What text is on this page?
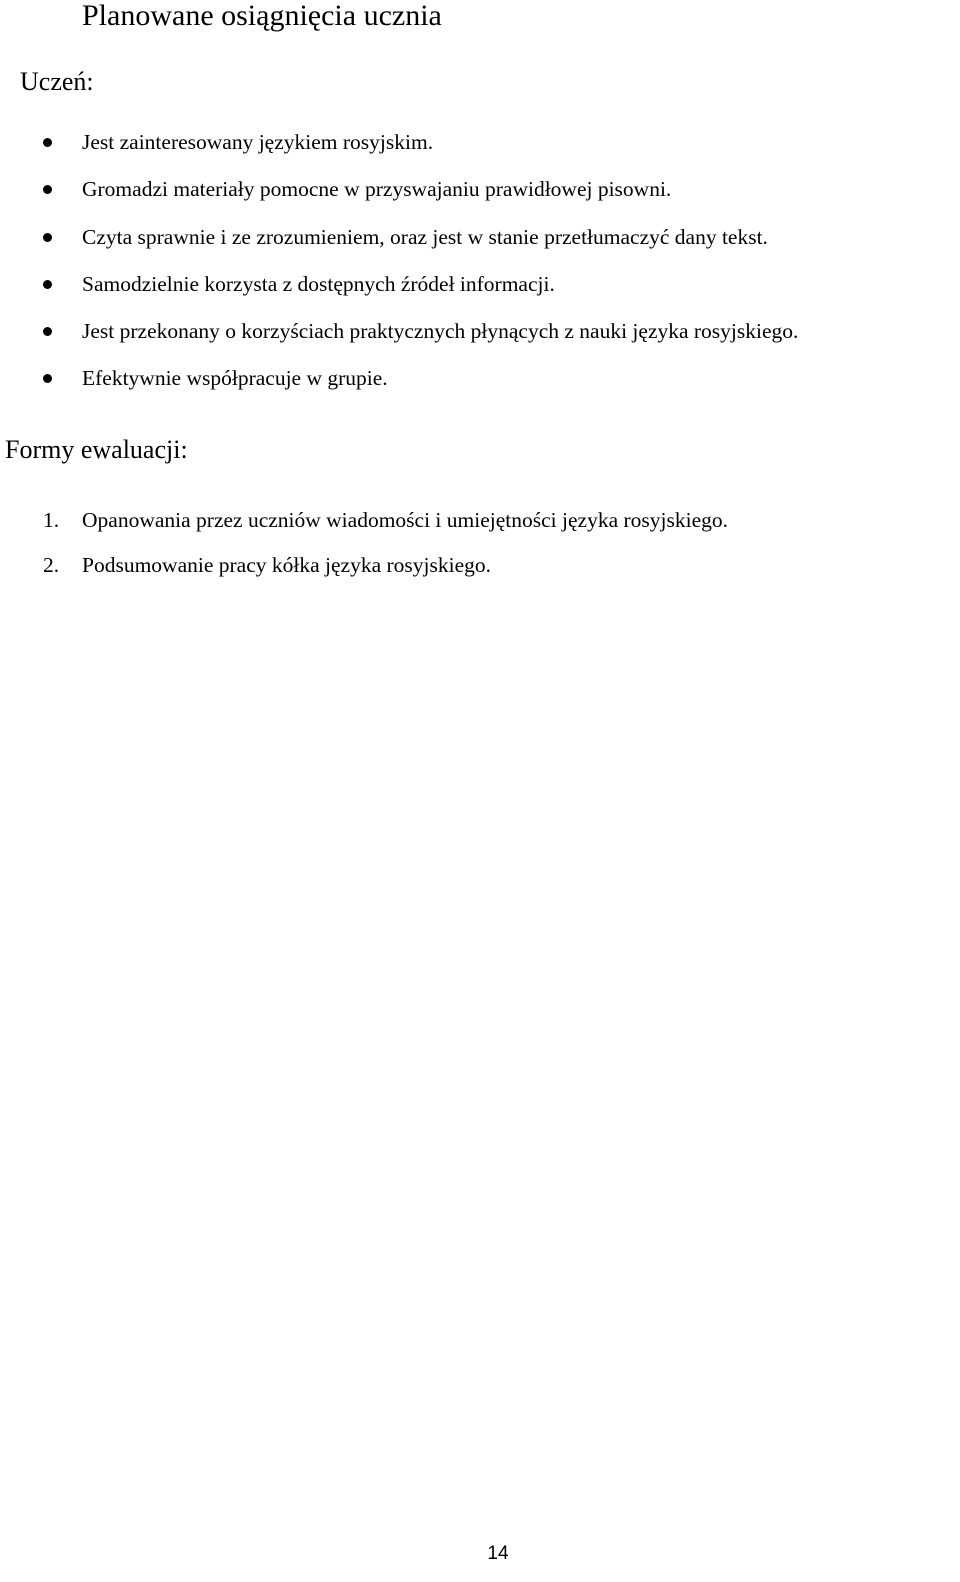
Planowane osiągnięcia ucznia
Uczeń:
Jest zainteresowany językiem rosyjskim.
Gromadzi materiały pomocne w przyswajaniu prawidłowej pisowni.
Czyta sprawnie i ze zrozumieniem, oraz jest w stanie przetłumaczyć dany tekst.
Samodzielnie korzysta z dostępnych źródeł informacji.
Jest przekonany o korzyściach praktycznych płynących z nauki języka rosyjskiego.
Efektywnie współpracuje w grupie.
Formy ewaluacji:
1. Opanowania przez uczniów wiadomości i umiejętności języka rosyjskiego.
2. Podsumowanie pracy kółka języka rosyjskiego.
14
